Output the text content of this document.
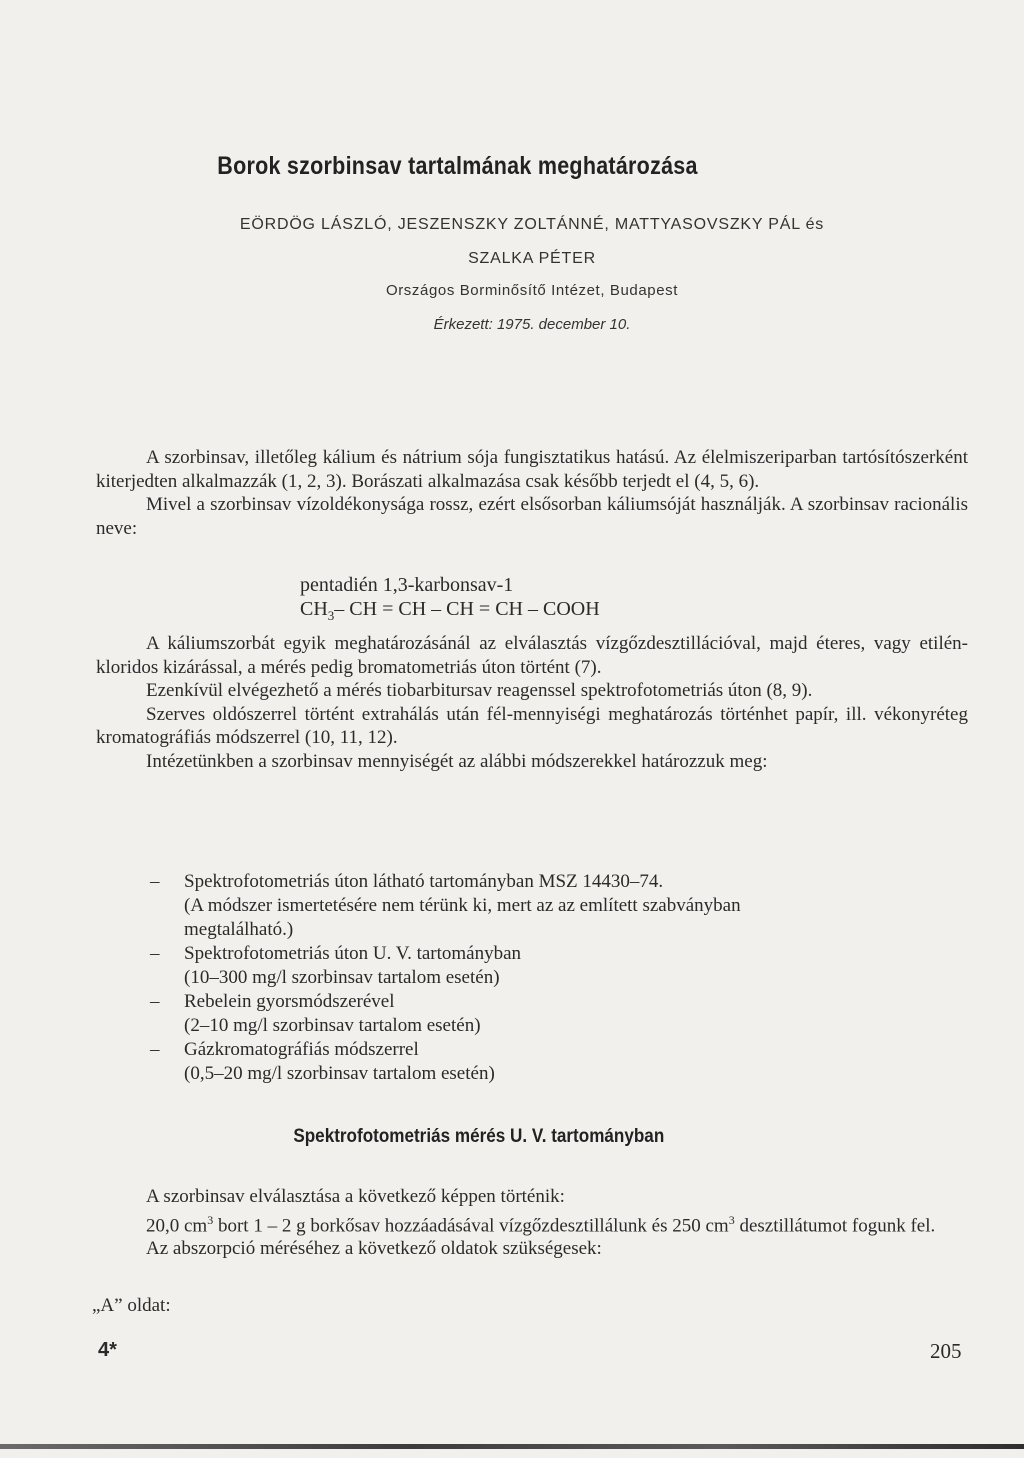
Borok szorbinsav tartalmának meghatározása
EÖRDÖG LÁSZLÓ, JESZENSZKY ZOLTÁNNÉ, MATTYASOVSZKY PÁL és
SZALKA PÉTER
Országos Borminősítő Intézet, Budapest
Érkezett: 1975. december 10.

A szorbinsav, illetőleg kálium és nátrium sója fungisztatikus hatású. Az élelmiszeriparban tartósítószerként kiterjedten alkalmazzák (1, 2, 3). Borászati alkalmazása csak később terjedt el (4, 5, 6).

Mivel a szorbinsav vízoldékonysága rossz, ezért elsősorban káliumsóját használják. A szorbinsav racionális neve:

pentadién 1,3-karbonsav-1
$CH_3-$ CH = CH – CH = CH – COOH

A káliumszorbát egyik meghatározásánál az elválasztás vízgőzdesztillációval, majd éteres, vagy etilén-kloridos kizárással, a mérés pedig bromatometriás úton történt (7).

Ezenkívül elvégezhető a mérés tiobarbitursav reagenssel spektrofotometriás úton (8, 9).

Szerves oldószerrel történt extrahálás után fél-mennyiségi meghatározás történhet papír, ill. vékonyréteg kromatográfiás módszerrel (10, 11, 12).

Intézetünkben a szorbinsav mennyiségét az alábbi módszerekkel határozzuk meg:

– Spektrofotometriás úton látható tartományban MSZ 14430–74.
(A módszer ismertetésére nem térünk ki, mert az az említett szabványban
megtalálható.)
– Spektrofotometriás úton U. V. tartományban
(10–300 mg/l szorbinsav tartalom esetén)
– Rebelein gyorsmódszerével
(2–10 mg/l szorbinsav tartalom esetén)
– Gázkromatográfiás módszerrel
(0,5–20 mg/l szorbinsav tartalom esetén)
Spektrofotometriás mérés U. V. tartományban

A szorbinsav elválasztása a következő képpen történik:

20,0 $cm^3$ bort 1 – 2 g borkősav hozzáadásával vízgőzdesztillálunk és 250 $cm^3$ desztillátumot fogunk fel.

Az abszorpció méréséhez a következő oldatok szükségesek:

„A” oldat:
4*	205
